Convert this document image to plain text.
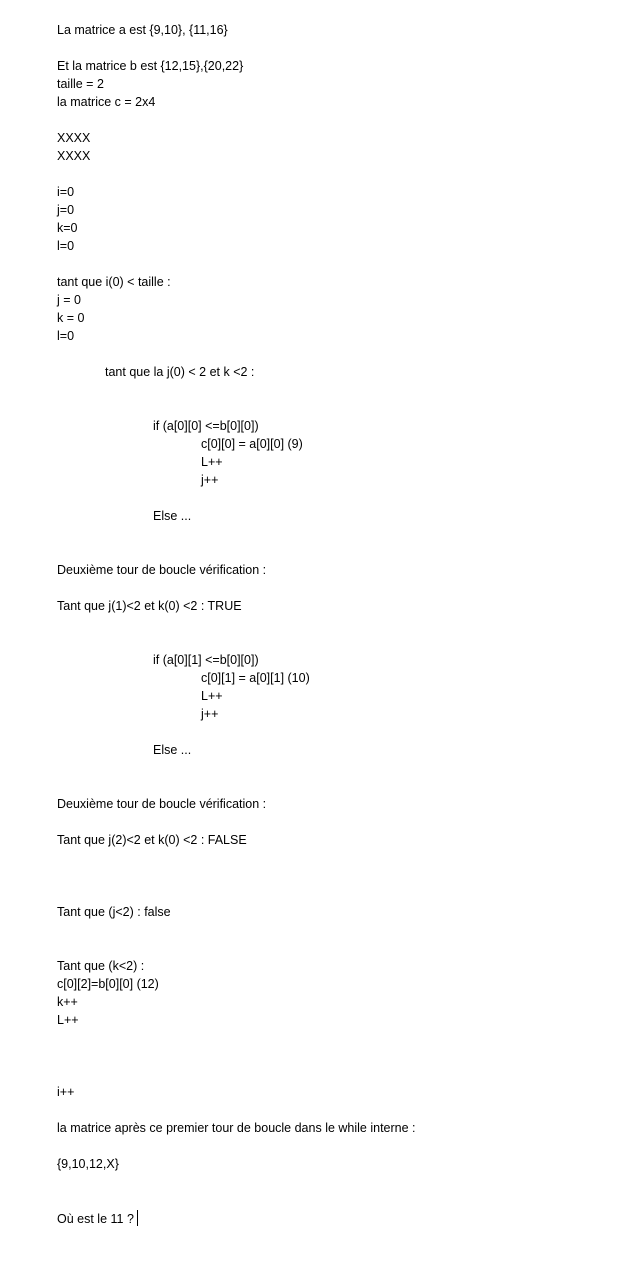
La matrice a est {9,10}, {11,16}
Et la matrice b est {12,15},{20,22}
taille = 2
la matrice c = 2x4
XXXX
XXXX
i=0
j=0
k=0
l=0
tant que i(0) < taille :
j = 0
k = 0
l=0
tant que la j(0) < 2 et k <2 :
if (a[0][0] <=b[0][0])
c[0][0] = a[0][0] (9)
L++
j++
Else ...
Deuxième tour de boucle vérification :
Tant que j(1)<2 et k(0) <2 : TRUE
if (a[0][1] <=b[0][0])
c[0][1] = a[0][1] (10)
L++
j++
Else ...
Deuxième tour de boucle vérification :
Tant que j(2)<2 et k(0) <2 : FALSE
Tant que (j<2) : false
Tant que (k<2) :
c[0][2]=b[0][0] (12)
k++
L++
i++
la matrice après ce premier tour de boucle dans le while interne :
{9,10,12,X}
Où est le 11 ?
